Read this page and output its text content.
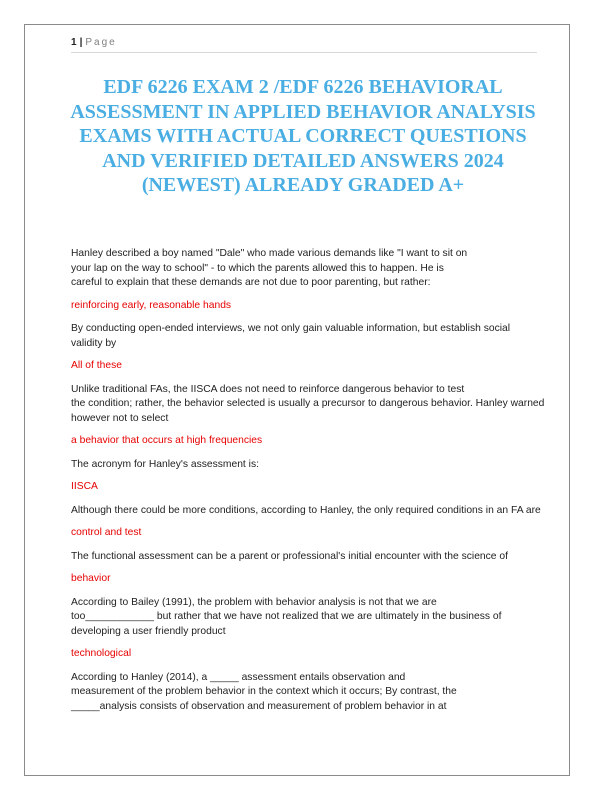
1 | Page
EDF 6226 EXAM 2 /EDF 6226 BEHAVIORAL ASSESSMENT IN APPLIED BEHAVIOR ANALYSIS EXAMS WITH ACTUAL CORRECT QUESTIONS AND VERIFIED DETAILED ANSWERS 2024 (NEWEST) ALREADY GRADED A+

Hanley described a boy named "Dale" who made various demands like "I want to sit on
your lap on the way to school" - to which the parents allowed this to happen. He is
careful to explain that these demands are not due to poor parenting, but rather:

reinforcing early, reasonable hands

By conducting open-ended interviews, we not only gain valuable information, but establish social
validity by

All of these

Unlike traditional FAs, the IISCA does not need to reinforce dangerous behavior to test
the condition; rather, the behavior selected is usually a precursor to dangerous behavior. Hanley warned
however not to select

a behavior that occurs at high frequencies

The acronym for Hanley's assessment is:

IISCA

Although there could be more conditions, according to Hanley, the only required conditions in an FA are

control and test

The functional assessment can be a parent or professional's initial encounter with the science of

behavior

According to Bailey (1991), the problem with behavior analysis is not that we are
too____________ but rather that we have not realized that we are ultimately in the business of
developing a user friendly product

technological

According to Hanley (2014), a _____ assessment entails observation and
measurement of the problem behavior in the context which it occurs; By contrast, the
_____analysis consists of observation and measurement of problem behavior in at
